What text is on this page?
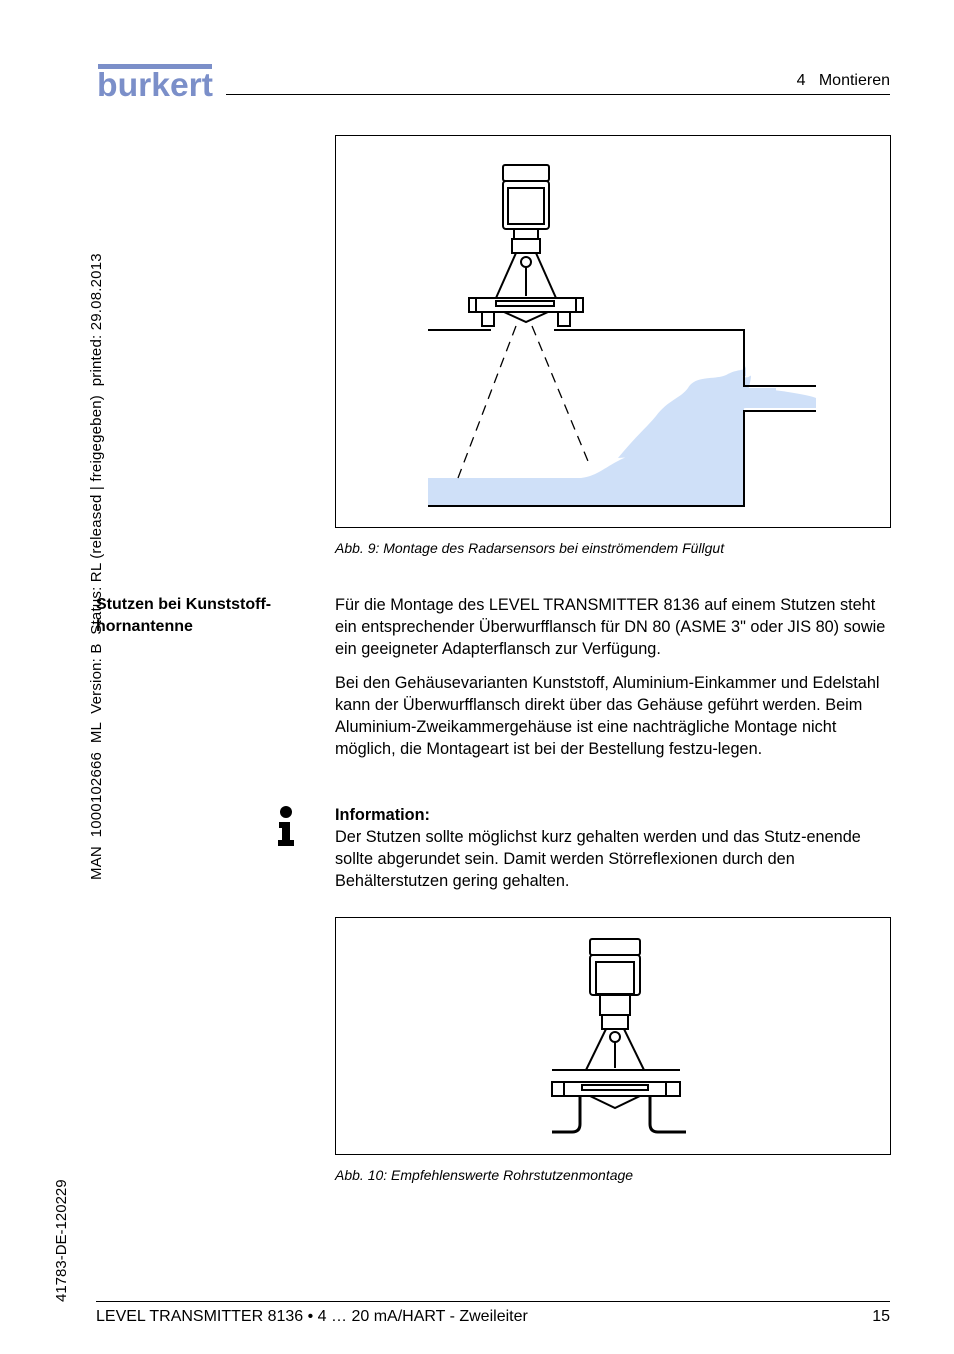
burkert	4   Montieren
MAN  1000102666  ML  Version: B  Status: RL (released | freigegeben)  printed: 29.08.2013
41783-DE-120229
Abb. 9: Montage des Radarsensors bei einströmendem Füllgut
Stutzen bei Kunststoff-hornantenne
Für die Montage des LEVEL TRANSMITTER 8136 auf einem Stutzen steht ein entsprechender Überwurfflansch für DN 80 (ASME 3" oder JIS 80) sowie ein geeigneter Adapterflansch zur Verfügung.
Bei den Gehäusevarianten Kunststoff, Aluminium-Einkammer und Edelstahl kann der Überwurfflansch direkt über das Gehäuse geführt werden. Beim Aluminium-Zweikammergehäuse ist eine nachträgliche Montage nicht möglich, die Montageart ist bei der Bestellung festzu-legen.
Information:
Der Stutzen sollte möglichst kurz gehalten werden und das Stutz-enende sollte abgerundet sein. Damit werden Störreflexionen durch den Behälterstutzen gering gehalten.
Abb. 10: Empfehlenswerte Rohrstutzenmontage
LEVEL TRANSMITTER 8136 • 4 … 20 mA/HART - Zweileiter	15
